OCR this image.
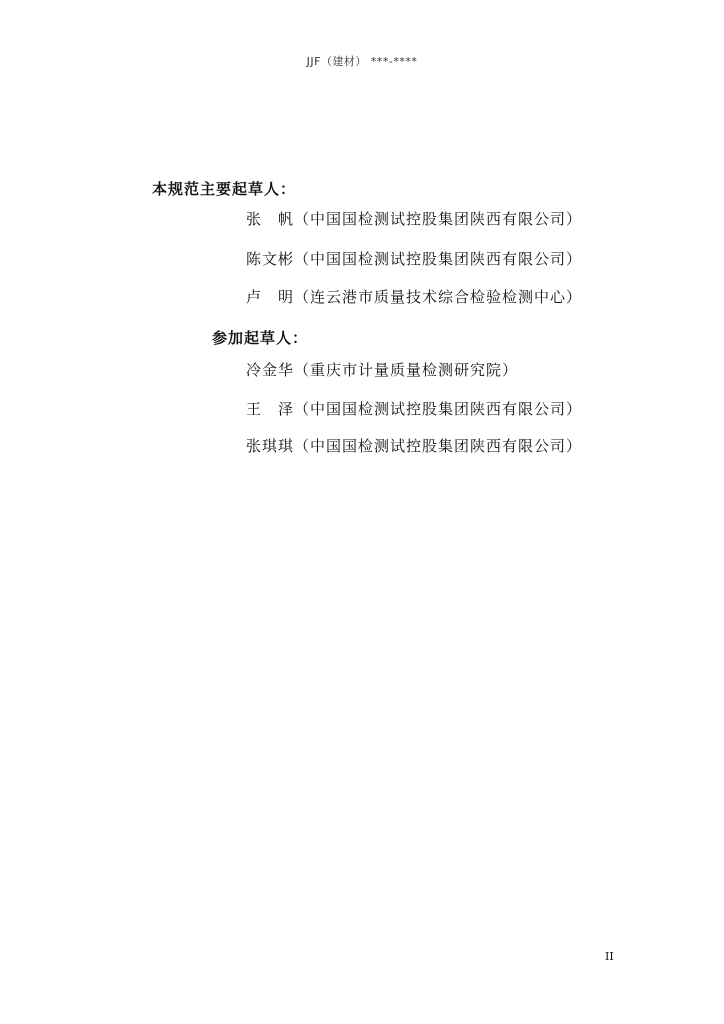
JJF（建材） ***-****
本规范主要起草人：
张　帆（中国国检测试控股集团陕西有限公司）
陈文彬（中国国检测试控股集团陕西有限公司）
卢　明（连云港市质量技术综合检验检测中心）
参加起草人：
冷金华（重庆市计量质量检测研究院）
王　泽（中国国检测试控股集团陕西有限公司）
张琪琪（中国国检测试控股集团陕西有限公司）
II
